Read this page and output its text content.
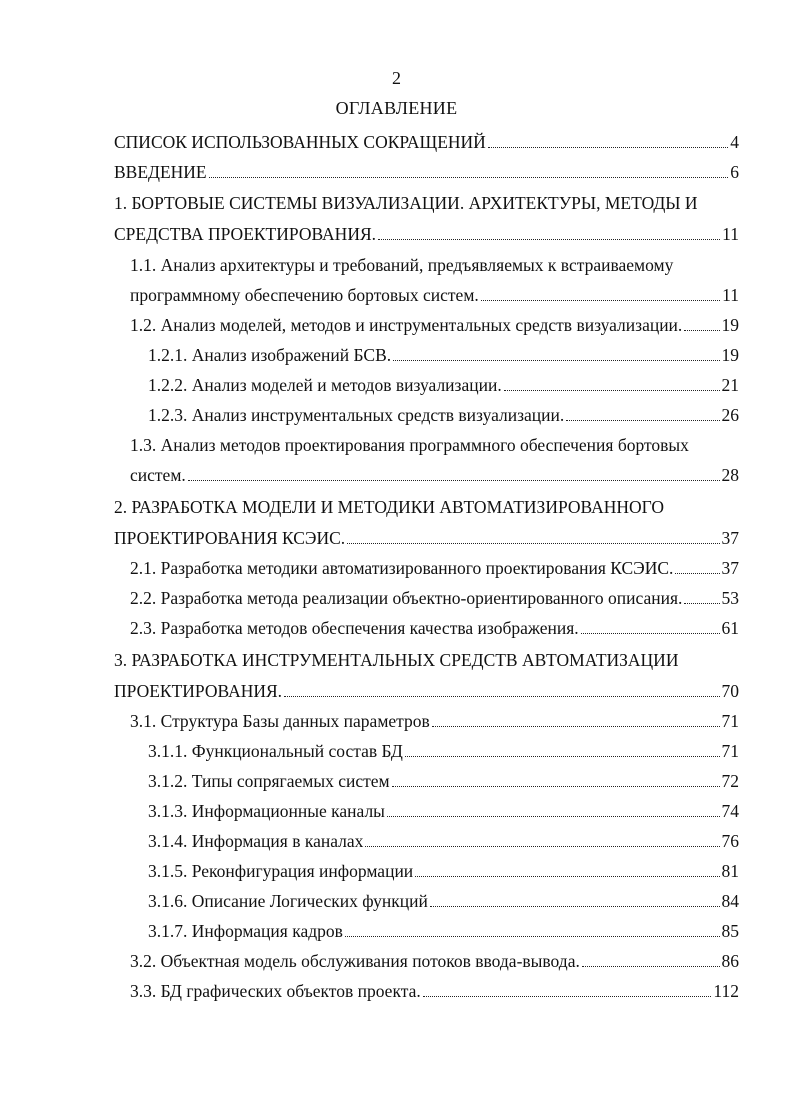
2
ОГЛАВЛЕНИЕ
СПИСОК ИСПОЛЬЗОВАННЫХ СОКРАЩЕНИЙ	4
ВВЕДЕНИЕ	6
1. БОРТОВЫЕ СИСТЕМЫ ВИЗУАЛИЗАЦИИ. АРХИТЕКТУРЫ, МЕТОДЫ И
СРЕДСТВА ПРОЕКТИРОВАНИЯ.	11
1.1. Анализ архитектуры и требований, предъявляемых к встраиваемому
программному обеспечению бортовых систем.	11
1.2. Анализ моделей, методов и инструментальных средств визуализации. 19
1.2.1. Анализ изображений БСВ.	19
1.2.2. Анализ моделей и методов визуализации.	21
1.2.3. Анализ инструментальных средств визуализации.	26
1.3. Анализ методов проектирования программного обеспечения бортовых
систем.	28
2. РАЗРАБОТКА МОДЕЛИ И МЕТОДИКИ АВТОМАТИЗИРОВАННОГО
ПРОЕКТИРОВАНИЯ КСЭИС.	37
2.1. Разработка методики автоматизированного проектирования КСЭИС.	37
2.2. Разработка метода реализации объектно-ориентированного описания. 53
2.3. Разработка методов обеспечения качества изображения.	61
3. РАЗРАБОТКА ИНСТРУМЕНТАЛЬНЫХ СРЕДСТВ АВТОМАТИЗАЦИИ
ПРОЕКТИРОВАНИЯ.	70
3.1. Структура Базы данных параметров	71
3.1.1. Функциональный состав БД	71
3.1.2. Типы сопрягаемых систем	72
3.1.3. Информационные каналы	74
3.1.4. Информация в каналах	76
3.1.5. Реконфигурация информации	81
3.1.6. Описание Логических функций	84
3.1.7. Информация кадров	85
3.2. Объектная модель обслуживания потоков ввода-вывода.	86
3.3. БД графических объектов проекта.	112
